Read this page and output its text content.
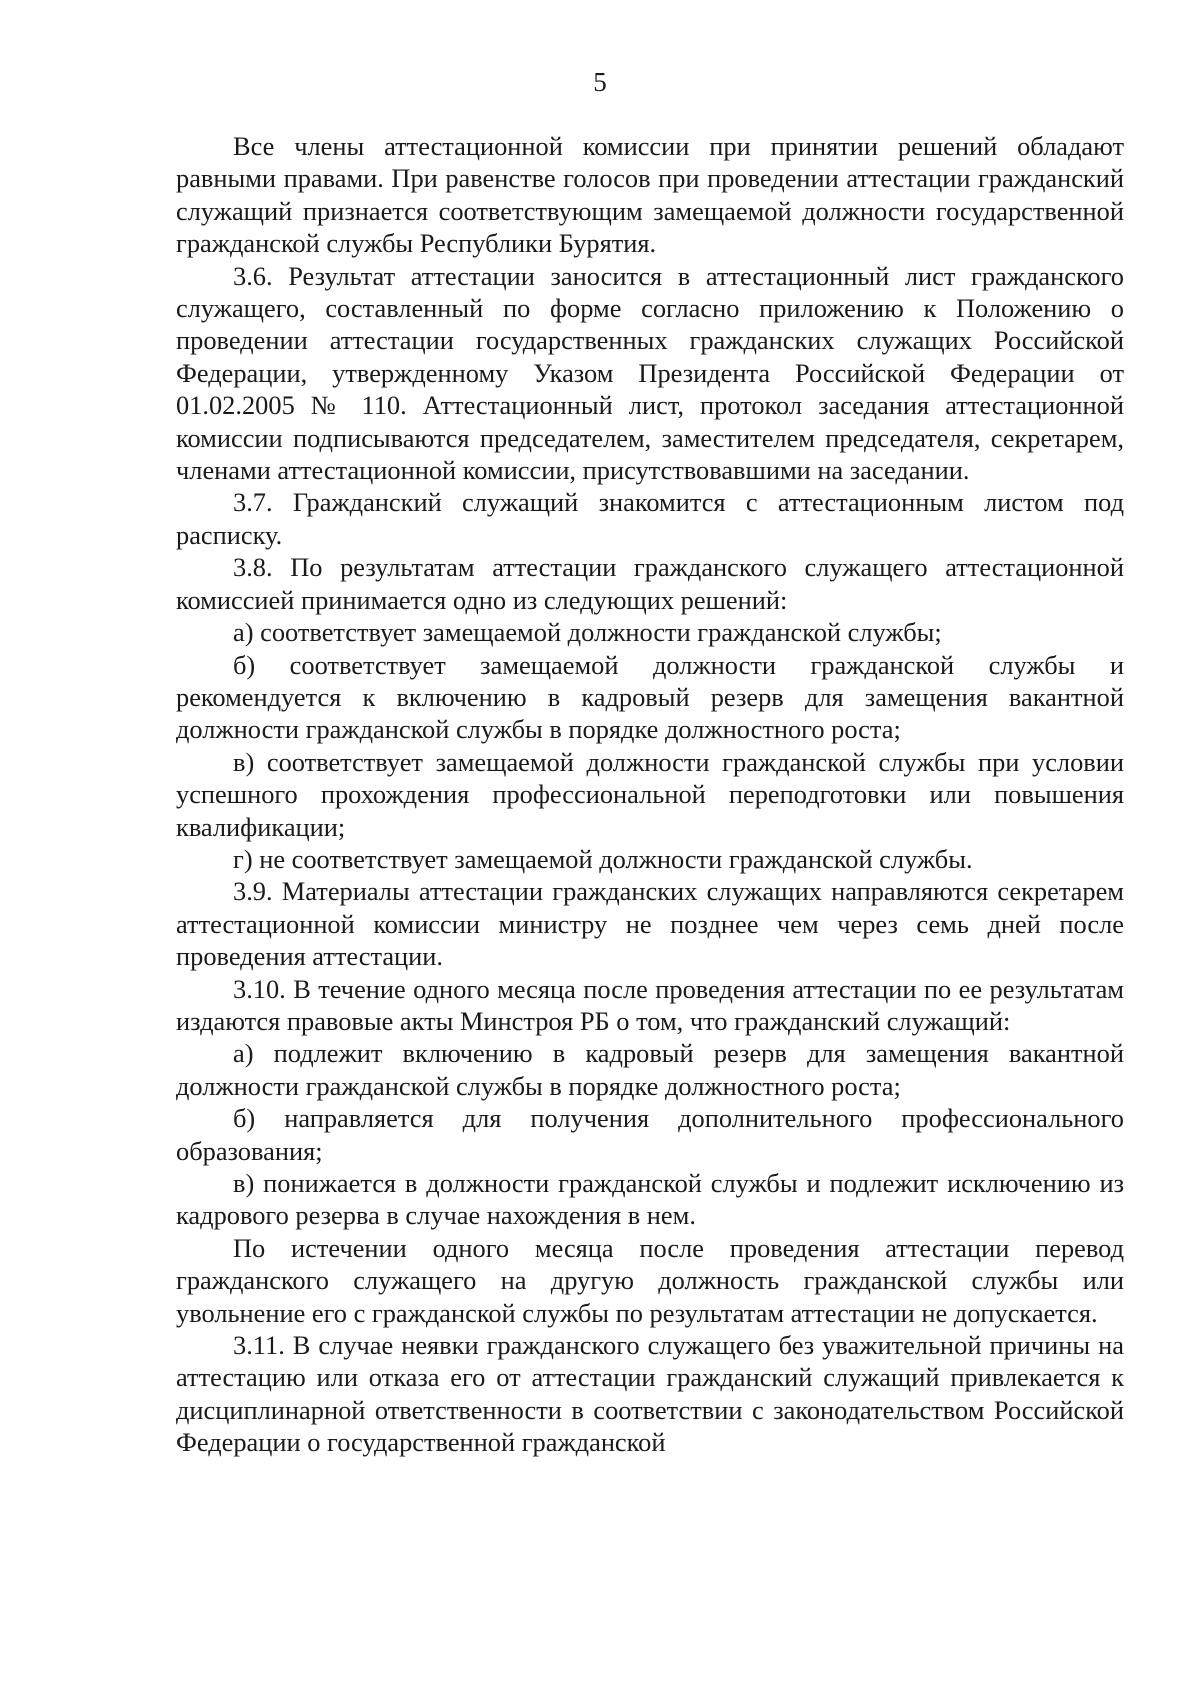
5

Все члены аттестационной комиссии при принятии решений обладают равными правами. При равенстве голосов при проведении аттестации гражданский служащий признается соответствующим замещаемой должности государственной гражданской службы Республики Бурятия.

3.6. Результат аттестации заносится в аттестационный лист гражданского служащего, составленный по форме согласно приложению к Положению о проведении аттестации государственных гражданских служащих Российской Федерации, утвержденному Указом Президента Российской Федерации от 01.02.2005 № 110. Аттестационный лист, протокол заседания аттестационной комиссии подписываются председателем, заместителем председателя, секретарем, членами аттестационной комиссии, присутствовавшими на заседании.

3.7. Гражданский служащий знакомится с аттестационным листом под расписку.

3.8. По результатам аттестации гражданского служащего аттестационной комиссией принимается одно из следующих решений:

а) соответствует замещаемой должности гражданской службы;

б) соответствует замещаемой должности гражданской службы и рекомендуется к включению в кадровый резерв для замещения вакантной должности гражданской службы в порядке должностного роста;

в) соответствует замещаемой должности гражданской службы при условии успешного прохождения профессиональной переподготовки или повышения квалификации;

г) не соответствует замещаемой должности гражданской службы.

3.9. Материалы аттестации гражданских служащих направляются секретарем аттестационной комиссии министру не позднее чем через семь дней после проведения аттестации.

3.10. В течение одного месяца после проведения аттестации по ее результатам издаются правовые акты Минстроя РБ о том, что гражданский служащий:

а) подлежит включению в кадровый резерв для замещения вакантной должности гражданской службы в порядке должностного роста;

б) направляется для получения дополнительного профессионального образования;

в) понижается в должности гражданской службы и подлежит исключению из кадрового резерва в случае нахождения в нем.

По истечении одного месяца после проведения аттестации перевод гражданского служащего на другую должность гражданской службы или увольнение его с гражданской службы по результатам аттестации не допускается.

3.11. В случае неявки гражданского служащего без уважительной причины на аттестацию или отказа его от аттестации гражданский служащий привлекается к дисциплинарной ответственности в соответствии с законодательством Российской Федерации о государственной гражданской
